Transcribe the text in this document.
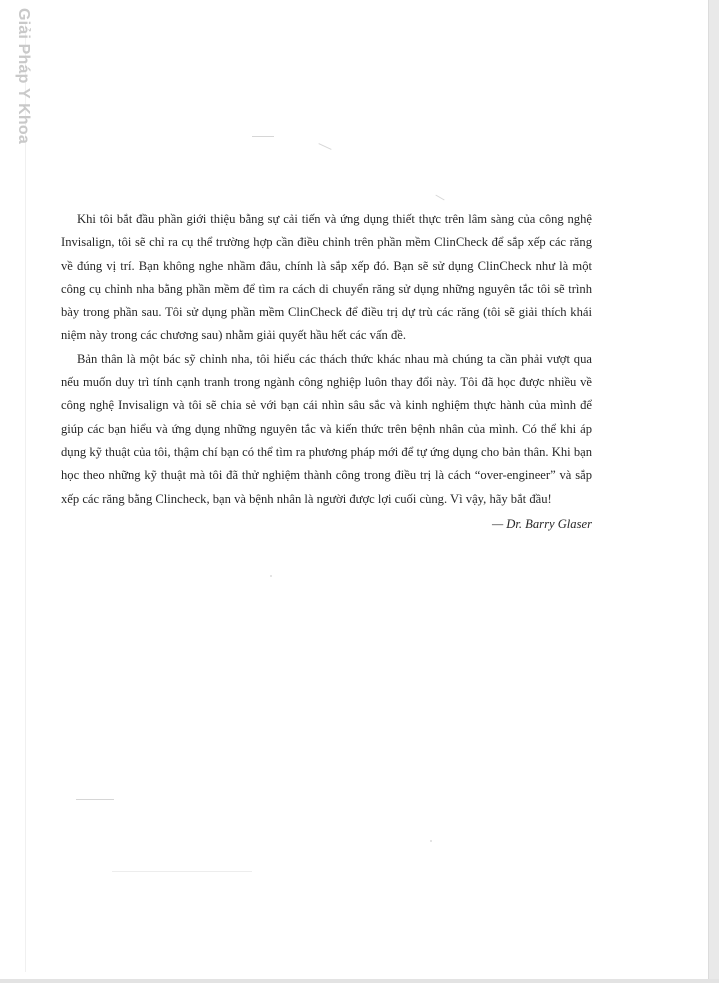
Giải Pháp Y Khoa

Khi tôi bắt đầu phần giới thiệu bằng sự cải tiến và ứng dụng thiết thực trên lâm sàng của công nghệ Invisalign, tôi sẽ chỉ ra cụ thể trường hợp cần điều chỉnh trên phần mềm ClinCheck để sắp xếp các răng về đúng vị trí. Bạn không nghe nhầm đâu, chính là sắp xếp đó. Bạn sẽ sử dụng ClinCheck như là một công cụ chỉnh nha bằng phần mềm để tìm ra cách di chuyển răng sử dụng những nguyên tắc tôi sẽ trình bày trong phần sau. Tôi sử dụng phần mềm ClinCheck để điều trị dự trù các răng (tôi sẽ giải thích khái niệm này trong các chương sau) nhằm giải quyết hầu hết các vấn đề.

Bản thân là một bác sỹ chỉnh nha, tôi hiểu các thách thức khác nhau mà chúng ta cần phải vượt qua nếu muốn duy trì tính cạnh tranh trong ngành công nghiệp luôn thay đổi này. Tôi đã học được nhiều về công nghệ Invisalign và tôi sẽ chia sẻ với bạn cái nhìn sâu sắc và kinh nghiệm thực hành của mình để giúp các bạn hiểu và ứng dụng những nguyên tắc và kiến thức trên bệnh nhân của mình. Có thể khi áp dụng kỹ thuật của tôi, thậm chí bạn có thể tìm ra phương pháp mới để tự ứng dụng cho bản thân. Khi bạn học theo những kỹ thuật mà tôi đã thử nghiệm thành công trong điều trị là cách “over-engineer” và sắp xếp các răng bằng Clincheck, bạn và bệnh nhân là người được lợi cuối cùng. Vì vậy, hãy bắt đầu!

— Dr. Barry Glaser
